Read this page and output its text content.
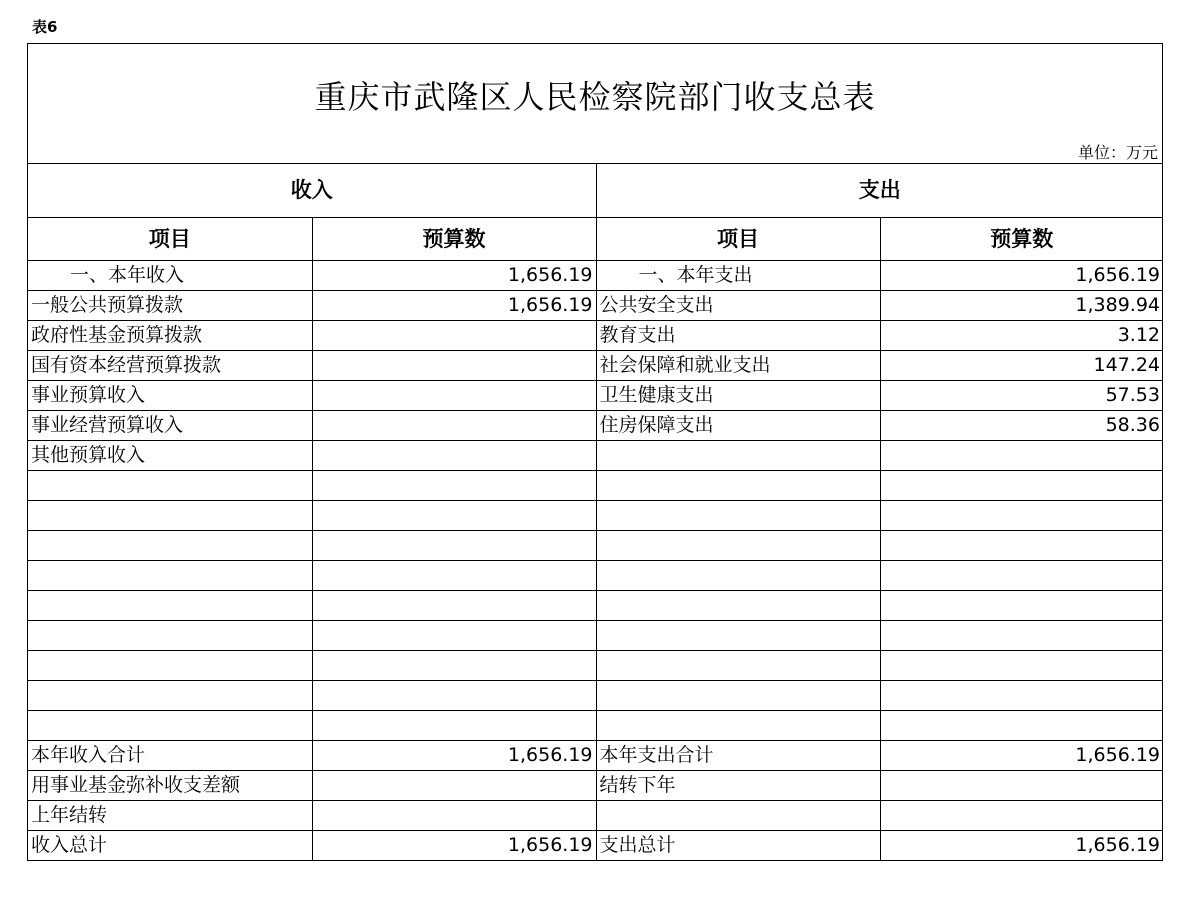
表6
重庆市武隆区人民检察院部门收支总表
单位：万元
收入		支出	
项目	预算数	项目	预算数
一、本年收入	1,656.19	一、本年支出	1,656.19
一般公共预算拨款	1,656.19	公共安全支出	1,389.94
政府性基金预算拨款		教育支出	3.12
国有资本经营预算拨款		社会保障和就业支出	147.24
事业预算收入		卫生健康支出	57.53
事业经营预算收入		住房保障支出	58.36
其他预算收入			

本年收入合计	1,656.19	本年支出合计	1,656.19
用事业基金弥补收支差额		结转下年	
上年结转			
收入总计	1,656.19	支出总计	1,656.19
